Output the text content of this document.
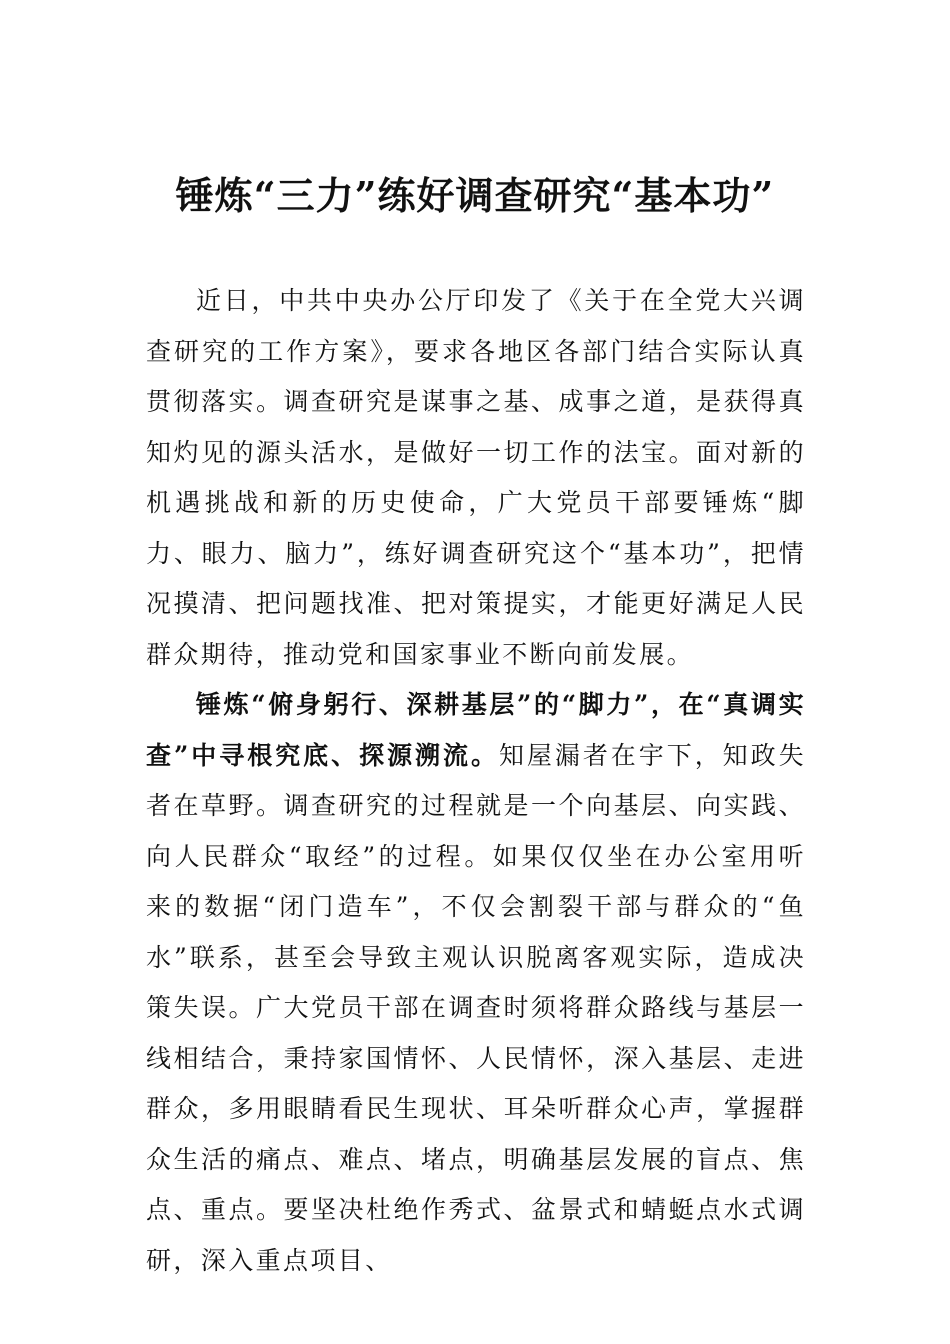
锤炼“三力”练好调查研究“基本功”

近日，中共中央办公厅印发了《关于在全党大兴调查研究的工作方案》，要求各地区各部门结合实际认真贯彻落实。调查研究是谋事之基、成事之道，是获得真知灼见的源头活水，是做好一切工作的法宝。面对新的机遇挑战和新的历史使命，广大党员干部要锤炼“脚力、眼力、脑力”，练好调查研究这个“基本功”，把情况摸清、把问题找准、把对策提实，才能更好满足人民群众期待，推动党和国家事业不断向前发展。

锤炼“俯身躬行、深耕基层”的“脚力”，在“真调实查”中寻根究底、探源溯流。知屋漏者在宇下，知政失者在草野。调查研究的过程就是一个向基层、向实践、向人民群众“取经”的过程。如果仅仅坐在办公室用听来的数据“闭门造车”，不仅会割裂干部与群众的“鱼水”联系，甚至会导致主观认识脱离客观实际，造成决策失误。广大党员干部在调查时须将群众路线与基层一线相结合，秉持家国情怀、人民情怀，深入基层、走进群众，多用眼睛看民生现状、耳朵听群众心声，掌握群众生活的痛点、难点、堵点，明确基层发展的盲点、焦点、重点。要坚决杜绝作秀式、盆景式和蜻蜓点水式调研，深入重点项目、
